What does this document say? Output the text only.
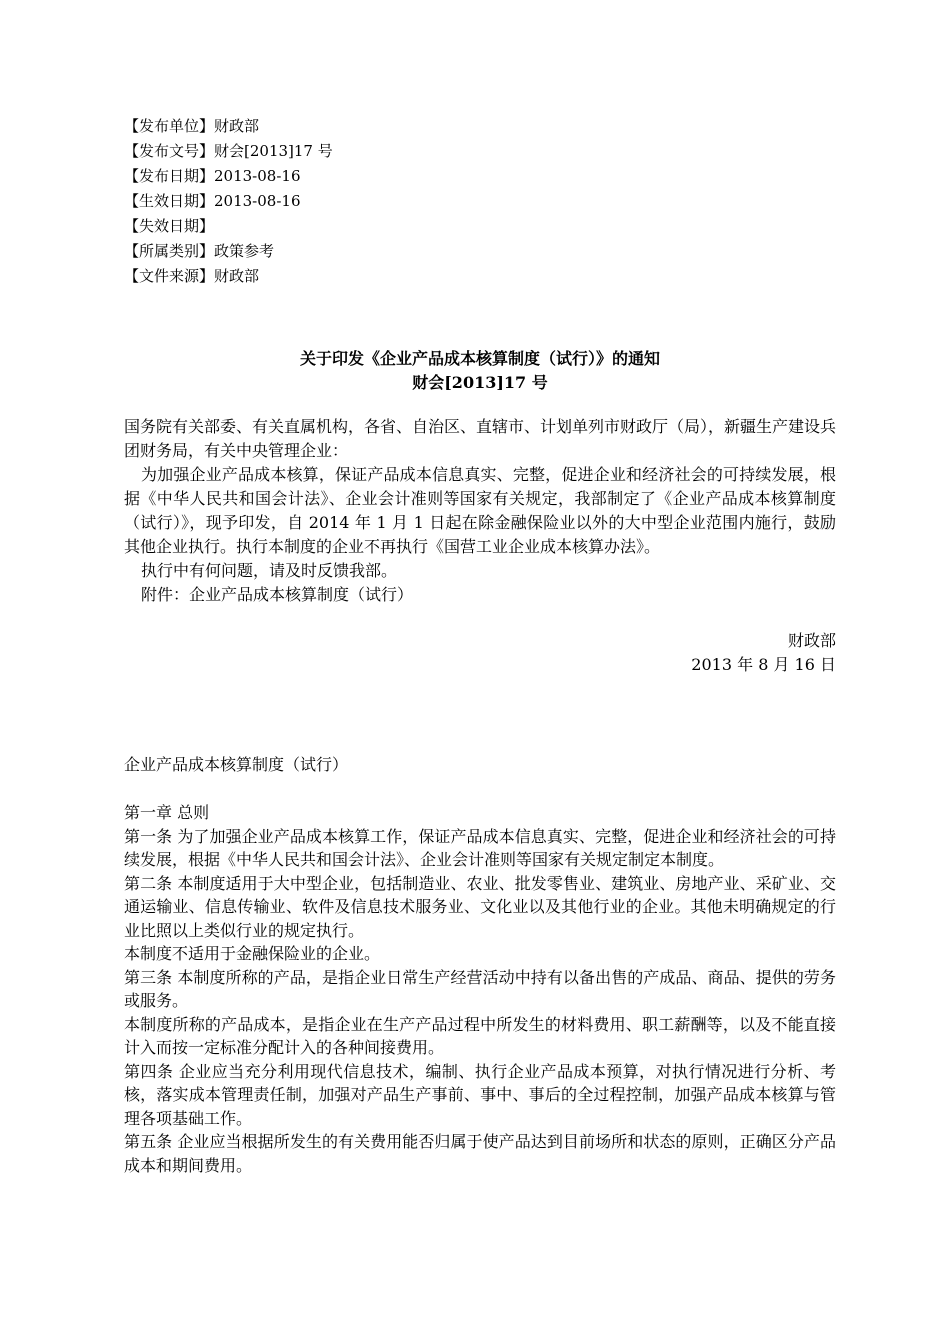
【发布单位】财政部
【发布文号】财会[2013]17 号
【发布日期】2013-08-16
【生效日期】2013-08-16
【失效日期】
【所属类别】政策参考
【文件来源】财政部
关于印发《企业产品成本核算制度（试行）》的通知
财会[2013]17 号

国务院有关部委、有关直属机构，各省、自治区、直辖市、计划单列市财政厅（局），新疆生产建设兵团财务局，有关中央管理企业：

为加强企业产品成本核算，保证产品成本信息真实、完整，促进企业和经济社会的可持续发展，根据《中华人民共和国会计法》、企业会计准则等国家有关规定，我部制定了《企业产品成本核算制度（试行）》，现予印发，自 2014 年 1 月 1 日起在除金融保险业以外的大中型企业范围内施行，鼓励其他企业执行。执行本制度的企业不再执行《国营工业企业成本核算办法》。

执行中有何问题，请及时反馈我部。

附件：企业产品成本核算制度（试行）

财政部
2013 年 8 月 16 日
企业产品成本核算制度（试行）

第一章 总则

第一条 为了加强企业产品成本核算工作，保证产品成本信息真实、完整，促进企业和经济社会的可持续发展，根据《中华人民共和国会计法》、企业会计准则等国家有关规定制定本制度。

第二条 本制度适用于大中型企业，包括制造业、农业、批发零售业、建筑业、房地产业、采矿业、交通运输业、信息传输业、软件及信息技术服务业、文化业以及其他行业的企业。其他未明确规定的行业比照以上类似行业的规定执行。

本制度不适用于金融保险业的企业。

第三条 本制度所称的产品，是指企业日常生产经营活动中持有以备出售的产成品、商品、提供的劳务或服务。

本制度所称的产品成本，是指企业在生产产品过程中所发生的材料费用、职工薪酬等，以及不能直接计入而按一定标准分配计入的各种间接费用。

第四条 企业应当充分利用现代信息技术，编制、执行企业产品成本预算，对执行情况进行分析、考核，落实成本管理责任制，加强对产品生产事前、事中、事后的全过程控制，加强产品成本核算与管理各项基础工作。

第五条 企业应当根据所发生的有关费用能否归属于使产品达到目前场所和状态的原则，正确区分产品成本和期间费用。
